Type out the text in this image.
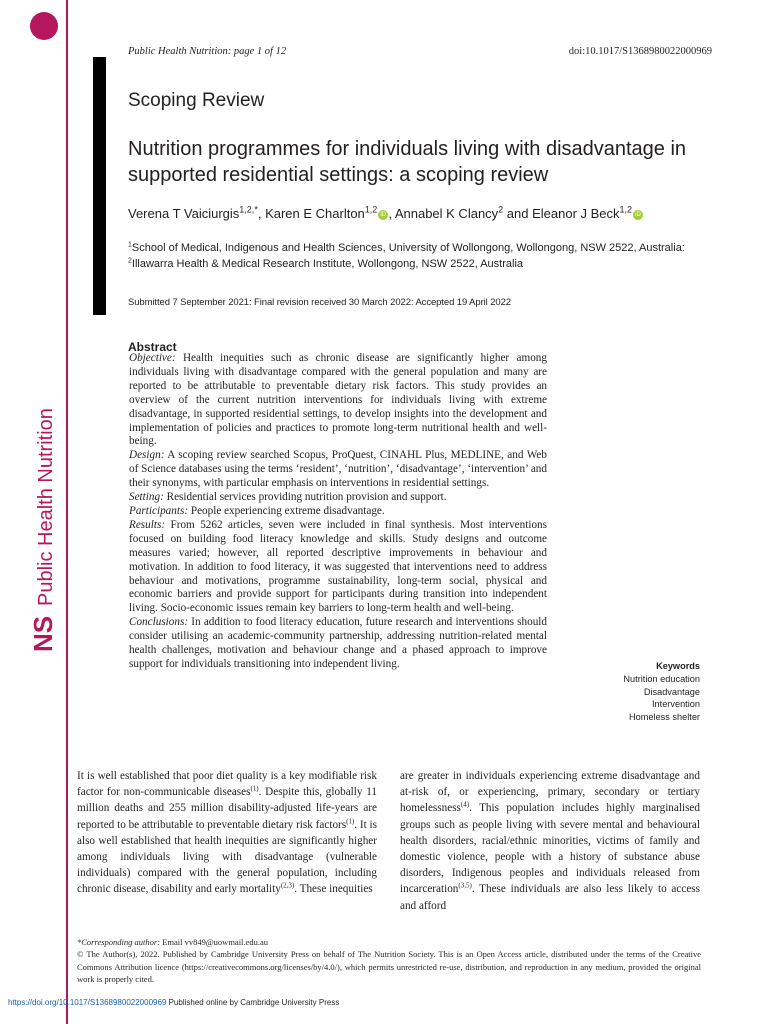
NS
Public Health Nutrition
Public Health Nutrition: page 1 of 12	doi:10.1017/S1368980022000969
Scoping Review
Nutrition programmes for individuals living with disadvantage in supported residential settings: a scoping review
Verena T Vaiciurgis$^{1,2,*}$, Karen E Charlton$^{1,2}$ iD , Annabel K Clancy$^2$ and Eleanor J Beck$^{1,2}$ iD
$^1$School of Medical, Indigenous and Health Sciences, University of Wollongong, Wollongong, NSW 2522, Australia:
$^2$Illawarra Health & Medical Research Institute, Wollongong, NSW 2522, Australia
Submitted 7 September 2021: Final revision received 30 March 2022: Accepted 19 April 2022
Abstract

Objective: Health inequities such as chronic disease are significantly higher among individuals living with disadvantage compared with the general population and many are reported to be attributable to preventable dietary risk factors. This study provides an overview of the current nutrition interventions for individuals living with extreme disadvantage, in supported residential settings, to develop insights into the development and implementation of policies and practices to promote long-term nutritional health and well-being.

Design: A scoping review searched Scopus, ProQuest, CINAHL Plus, MEDLINE, and Web of Science databases using the terms ‘resident’, ‘nutrition’, ‘disadvantage’, ‘intervention’ and their synonyms, with particular emphasis on interventions in residential settings.

Setting: Residential services providing nutrition provision and support.

Participants: People experiencing extreme disadvantage.

Results: From 5262 articles, seven were included in final synthesis. Most interventions focused on building food literacy knowledge and skills. Study designs and outcome measures varied; however, all reported descriptive improvements in behaviour and motivation. In addition to food literacy, it was suggested that interventions need to address behaviour and motivations, programme sustainability, long-term social, physical and economic barriers and provide support for participants during transition into independent living. Socio-economic issues remain key barriers to long-term health and well-being.

Conclusions: In addition to food literacy education, future research and interventions should consider utilising an academic-community partnership, addressing nutrition-related mental health challenges, motivation and behaviour change and a phased approach to improve support for individuals transitioning into independent living.	Keywords
Nutrition education
Disadvantage
Intervention
Homeless shelter
It is well established that poor diet quality is a key modifiable risk factor for non-communicable diseases$^{(1)}$. Despite this, globally 11 million deaths and 255 million disability-adjusted life-years are reported to be attributable to preventable dietary risk factors$^{(1)}$. It is also well established that health inequities are significantly higher among individuals living with disadvantage (vulnerable individuals) compared with the general population, including chronic disease, disability and early mortality$^{(2,3)}$. These inequities
are greater in individuals experiencing extreme disadvantage and at-risk of, or experiencing, primary, secondary or tertiary homelessness$^{(4)}$. This population includes highly marginalised groups such as people living with severe mental and behavioural health disorders, racial/ethnic minorities, victims of family and domestic violence, people with a history of substance abuse disorders, Indigenous peoples and individuals released from incarceration$^{(3,5)}$. These individuals are also less likely to access and afford
*Corresponding author: Email vv849@uowmail.edu.au
© The Author(s), 2022. Published by Cambridge University Press on behalf of The Nutrition Society. This is an Open Access article, distributed under the terms of the Creative Commons Attribution licence (https://creativecommons.org/licenses/by/4.0/), which permits unrestricted re-use, distribution, and reproduction in any medium, provided the original work is properly cited.
https://doi.org/10.1017/S1368980022000969 Published online by Cambridge University Press
